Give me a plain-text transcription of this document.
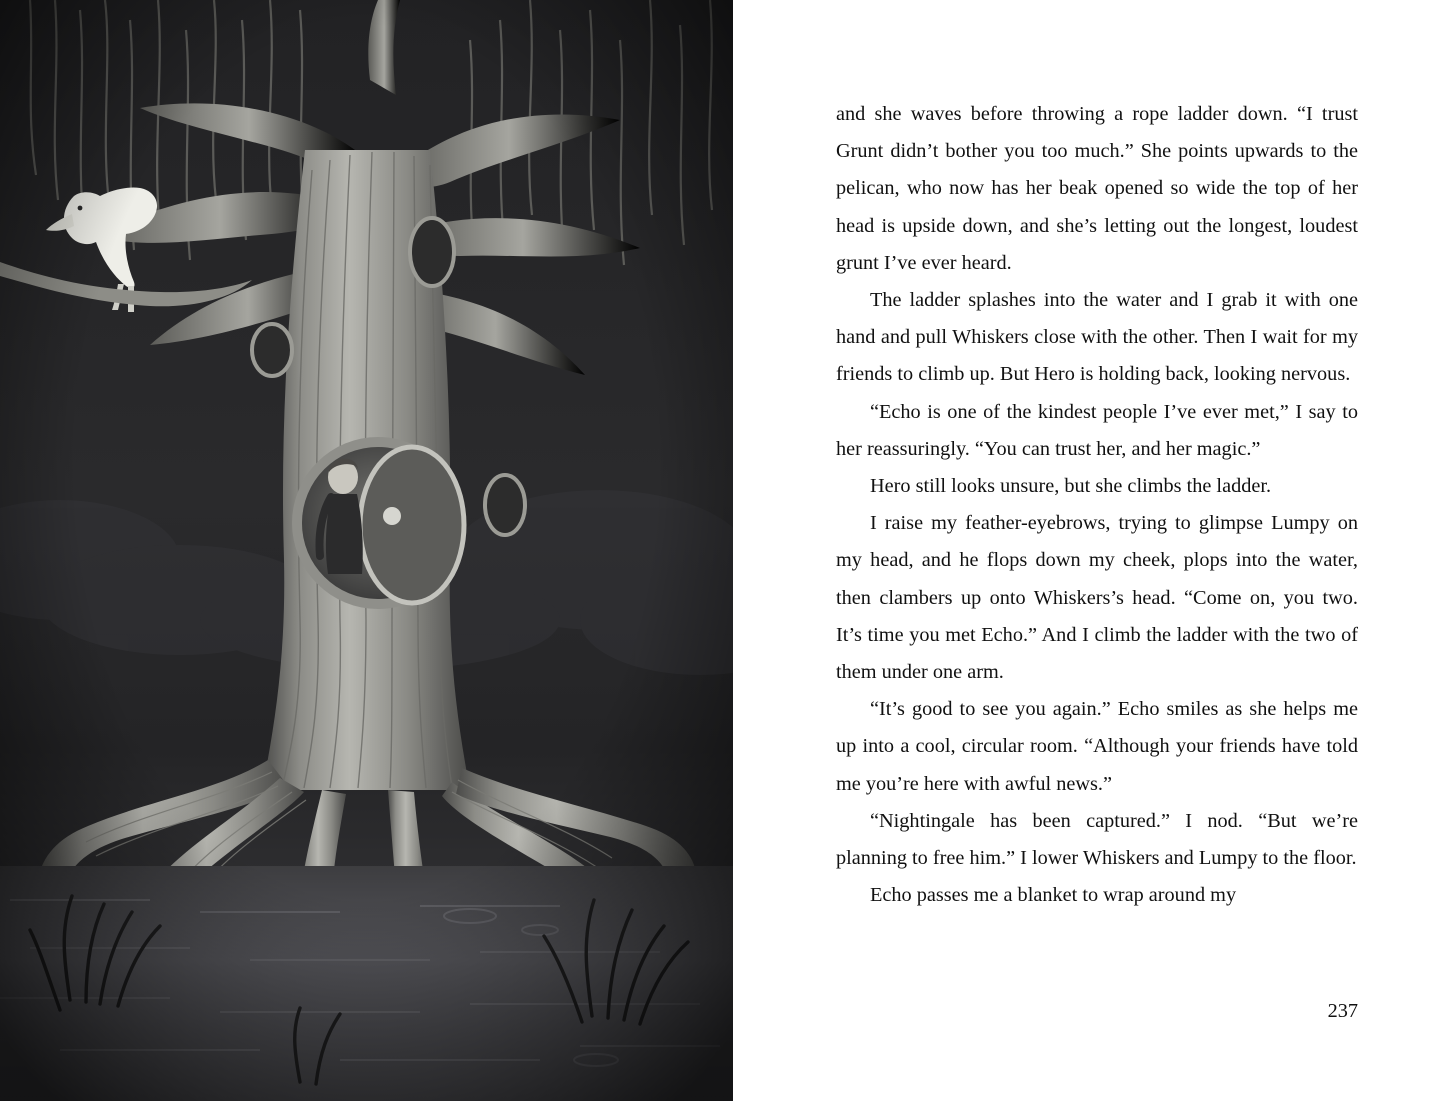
and she waves before throwing a rope ladder down. “I trust Grunt didn’t bother you too much.” She points upwards to the pelican, who now has her beak opened so wide the top of her head is upside down, and she’s letting out the longest, loudest grunt I’ve ever heard.

The ladder splashes into the water and I grab it with one hand and pull Whiskers close with the other. Then I wait for my friends to climb up. But Hero is holding back, looking nervous.

“Echo is one of the kindest people I’ve ever met,” I say to her reassuringly. “You can trust her, and her magic.”

Hero still looks unsure, but she climbs the ladder.

I raise my feather-eyebrows, trying to glimpse Lumpy on my head, and he flops down my cheek, plops into the water, then clambers up onto Whiskers’s head. “Come on, you two. It’s time you met Echo.” And I climb the ladder with the two of them under one arm.

“It’s good to see you again.” Echo smiles as she helps me up into a cool, circular room. “Although your friends have told me you’re here with awful news.”

“Nightingale has been captured.” I nod. “But we’re planning to free him.” I lower Whiskers and Lumpy to the floor.

Echo passes me a blanket to wrap around my

237
